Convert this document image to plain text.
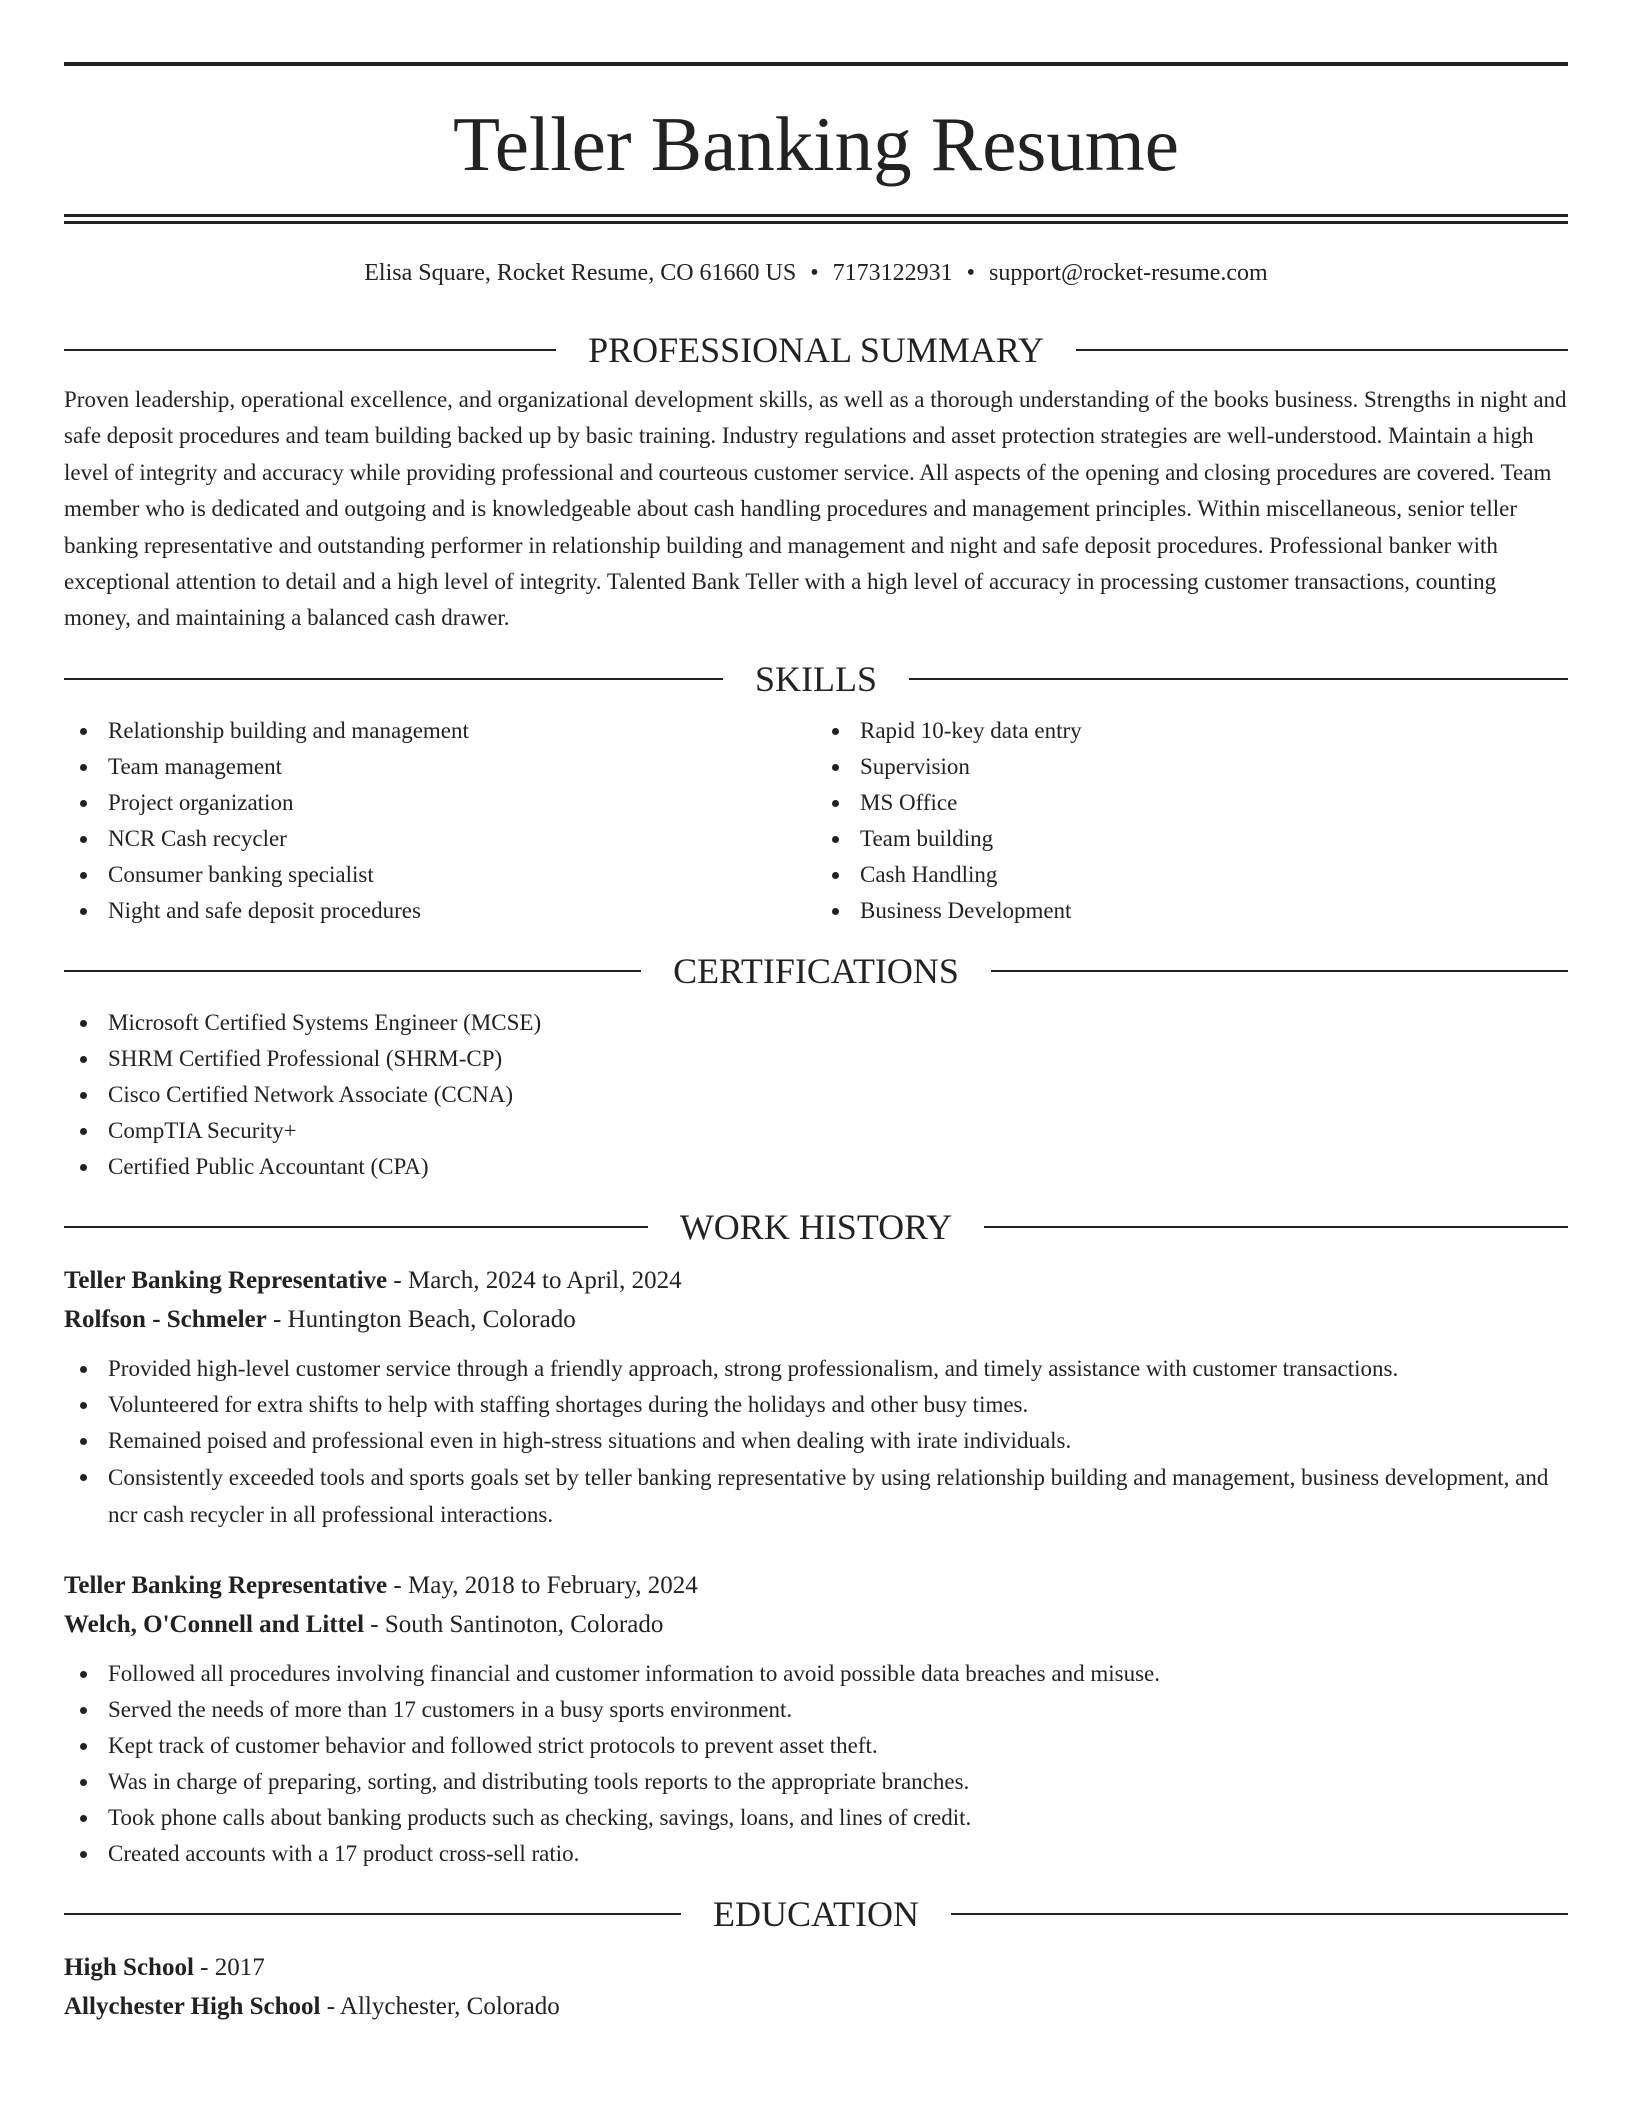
Teller Banking Resume
Elisa Square, Rocket Resume, CO 61660 US • 7173122931 • support@rocket-resume.com
PROFESSIONAL SUMMARY

Proven leadership, operational excellence, and organizational development skills, as well as a thorough understanding of the books business. Strengths in night and safe deposit procedures and team building backed up by basic training. Industry regulations and asset protection strategies are well-understood. Maintain a high level of integrity and accuracy while providing professional and courteous customer service. All aspects of the opening and closing procedures are covered. Team member who is dedicated and outgoing and is knowledgeable about cash handling procedures and management principles. Within miscellaneous, senior teller banking representative and outstanding performer in relationship building and management and night and safe deposit procedures. Professional banker with exceptional attention to detail and a high level of integrity. Talented Bank Teller with a high level of accuracy in processing customer transactions, counting money, and maintaining a balanced cash drawer.

SKILLS
Relationship building and management
Team management
Project organization
NCR Cash recycler
Consumer banking specialist
Night and safe deposit procedures
Rapid 10-key data entry
Supervision
MS Office
Team building
Cash Handling
Business Development
CERTIFICATIONS
Microsoft Certified Systems Engineer (MCSE)
SHRM Certified Professional (SHRM-CP)
Cisco Certified Network Associate (CCNA)
CompTIA Security+
Certified Public Accountant (CPA)
WORK HISTORY
Teller Banking Representative - March, 2024 to April, 2024
Rolfson - Schmeler - Huntington Beach, Colorado
Provided high-level customer service through a friendly approach, strong professionalism, and timely assistance with customer transactions.
Volunteered for extra shifts to help with staffing shortages during the holidays and other busy times.
Remained poised and professional even in high-stress situations and when dealing with irate individuals.
Consistently exceeded tools and sports goals set by teller banking representative by using relationship building and management, business development, and ncr cash recycler in all professional interactions.
Teller Banking Representative - May, 2018 to February, 2024
Welch, O'Connell and Littel - South Santinoton, Colorado
Followed all procedures involving financial and customer information to avoid possible data breaches and misuse.
Served the needs of more than 17 customers in a busy sports environment.
Kept track of customer behavior and followed strict protocols to prevent asset theft.
Was in charge of preparing, sorting, and distributing tools reports to the appropriate branches.
Took phone calls about banking products such as checking, savings, loans, and lines of credit.
Created accounts with a 17 product cross-sell ratio.
EDUCATION
High School - 2017
Allychester High School - Allychester, Colorado
